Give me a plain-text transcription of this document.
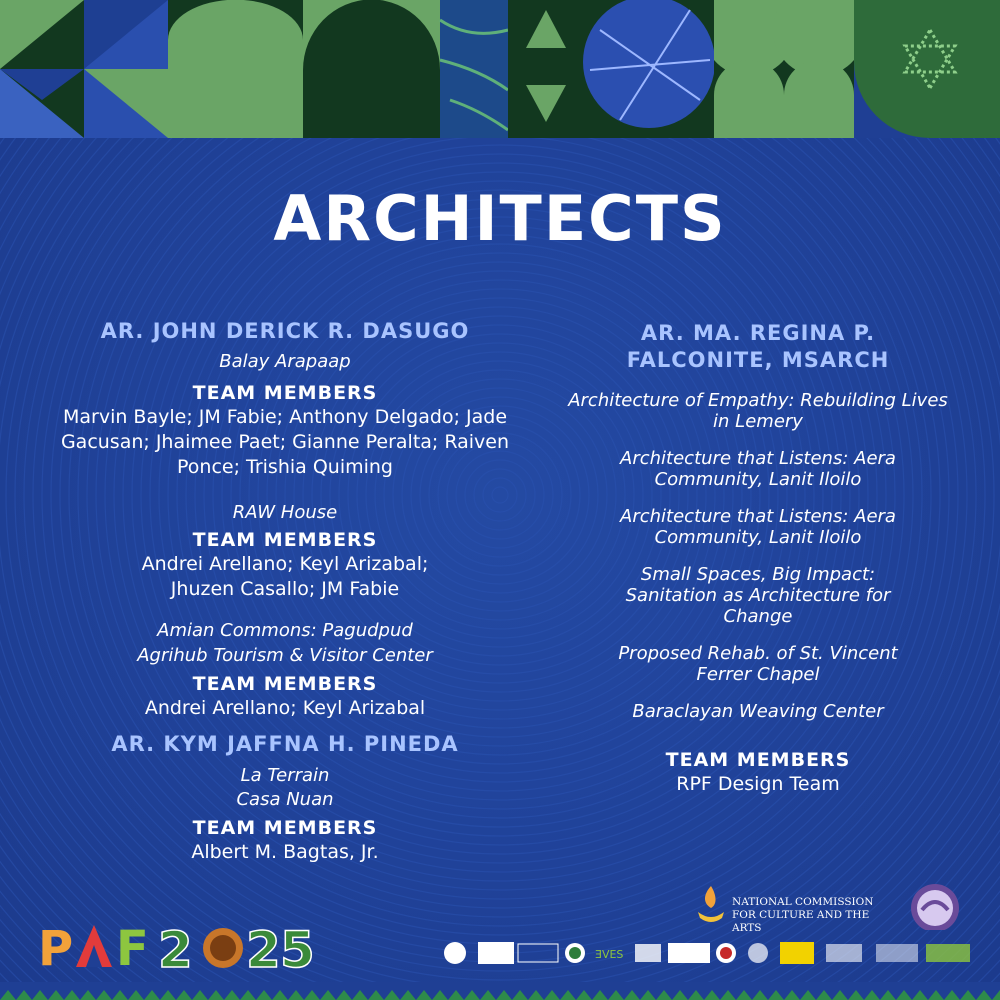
ARCHITECTS
AR. JOHN DERICK R. DASUGO
Balay Arapaap
TEAM MEMBERS
Marvin Bayle; JM Fabie; Anthony Delgado; Jade Gacusan; Jhaimee Paet; Gianne Peralta; Raiven Ponce; Trishia Quiming
RAW House
TEAM MEMBERS
Andrei Arellano; Keyl Arizabal; Jhuzen Casallo; JM Fabie
Amian Commons: Pagudpud Agrihub Tourism & Visitor Center
TEAM MEMBERS
Andrei Arellano; Keyl Arizabal
AR. KYM JAFFNA H. PINEDA
La Terrain
Casa Nuan
TEAM MEMBERS
Albert M. Bagtas, Jr.
AR. MA. REGINA P.
FALCONITE, MSARCH
Architecture of Empathy: Rebuilding Lives in Lemery
Architecture that Listens: Aera Community, Lanit Iloilo
Architecture that Listens: Aera Community, Lanit Iloilo
Small Spaces, Big Impact: Sanitation as Architecture for Change
Proposed Rehab. of St. Vincent Ferrer Chapel
Baraclayan Weaving Center
TEAM MEMBERS
RPF Design Team
P F 2 2 5
NATIONAL COMMISSION
FOR CULTURE AND THE ARTS
ƎVES
